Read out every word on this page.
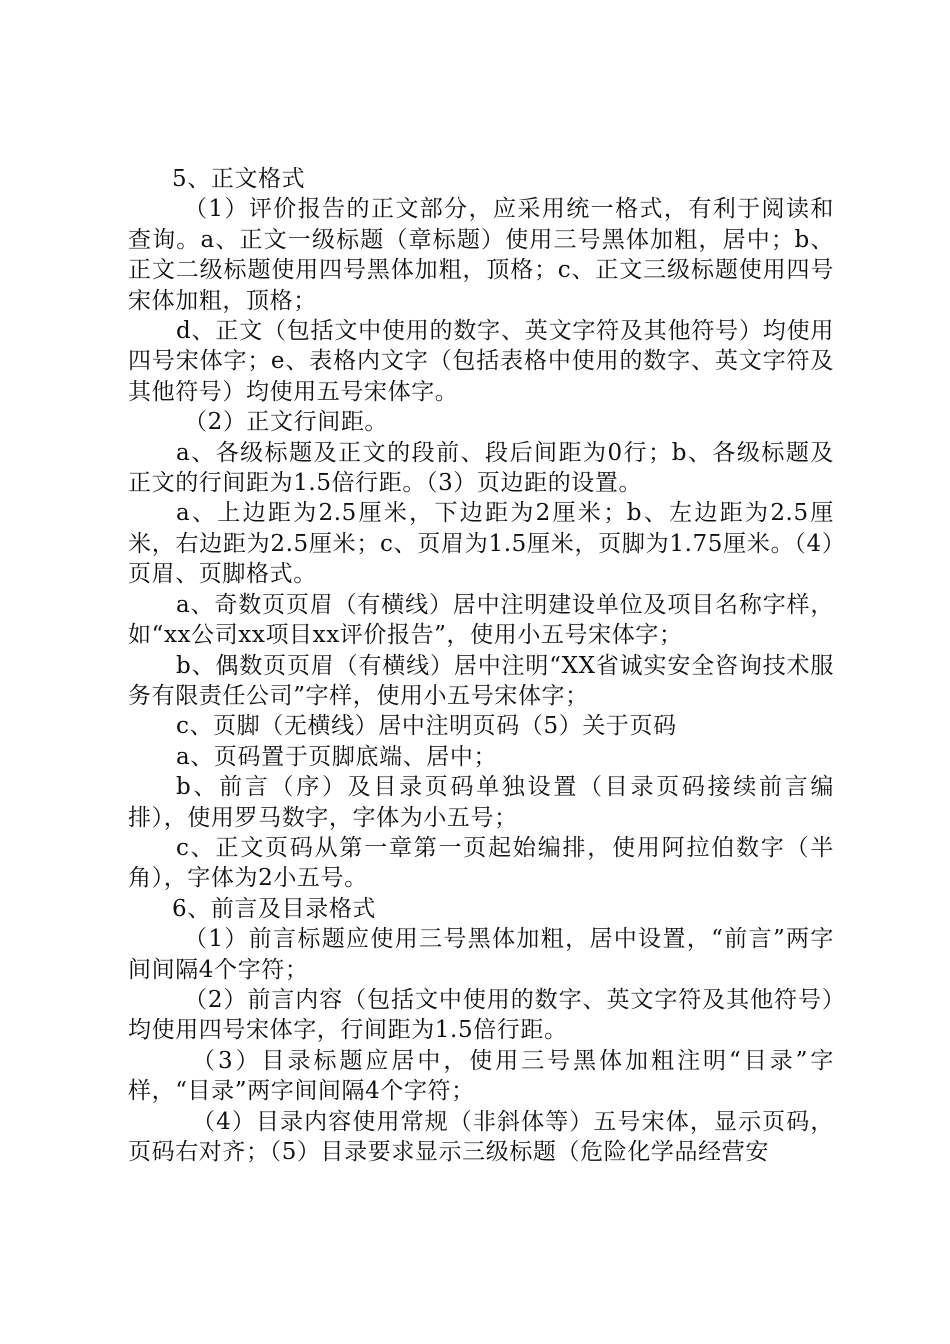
5、正文格式

（1）评价报告的正文部分，应采用统一格式，有利于阅读和查询。a、正文一级标题（章标题）使用三号黑体加粗，居中；b、正文二级标题使用四号黑体加粗，顶格；c、正文三级标题使用四号宋体加粗，顶格；

d、正文（包括文中使用的数字、英文字符及其他符号）均使用四号宋体字；e、表格内文字（包括表格中使用的数字、英文字符及其他符号）均使用五号宋体字。

（2）正文行间距。

a、各级标题及正文的段前、段后间距为0行；b、各级标题及正文的行间距为1.5倍行距。（3）页边距的设置。

a、上边距为2.5厘米，下边距为2厘米；b、左边距为2.5厘米，右边距为2.5厘米；c、页眉为1.5厘米，页脚为1.75厘米。（4）页眉、页脚格式。

a、奇数页页眉（有横线）居中注明建设单位及项目名称字样，如“xx公司xx项目xx评价报告”，使用小五号宋体字；

b、偶数页页眉（有横线）居中注明“XX省诚实安全咨询技术服务有限责任公司”字样，使用小五号宋体字；

c、页脚（无横线）居中注明页码（5）关于页码

a、页码置于页脚底端、居中；

b、前言（序）及目录页码单独设置（目录页码接续前言编排），使用罗马数字，字体为小五号；

c、正文页码从第一章第一页起始编排，使用阿拉伯数字（半角），字体为2小五号。

6、前言及目录格式

（1）前言标题应使用三号黑体加粗，居中设置，“前言”两字间间隔4个字符；

（2）前言内容（包括文中使用的数字、英文字符及其他符号）均使用四号宋体字，行间距为1.5倍行距。

（3）目录标题应居中，使用三号黑体加粗注明“目录”字样，“目录”两字间间隔4个字符；

（4）目录内容使用常规（非斜体等）五号宋体，显示页码，页码右对齐；（5）目录要求显示三级标题（危险化学品经营安
